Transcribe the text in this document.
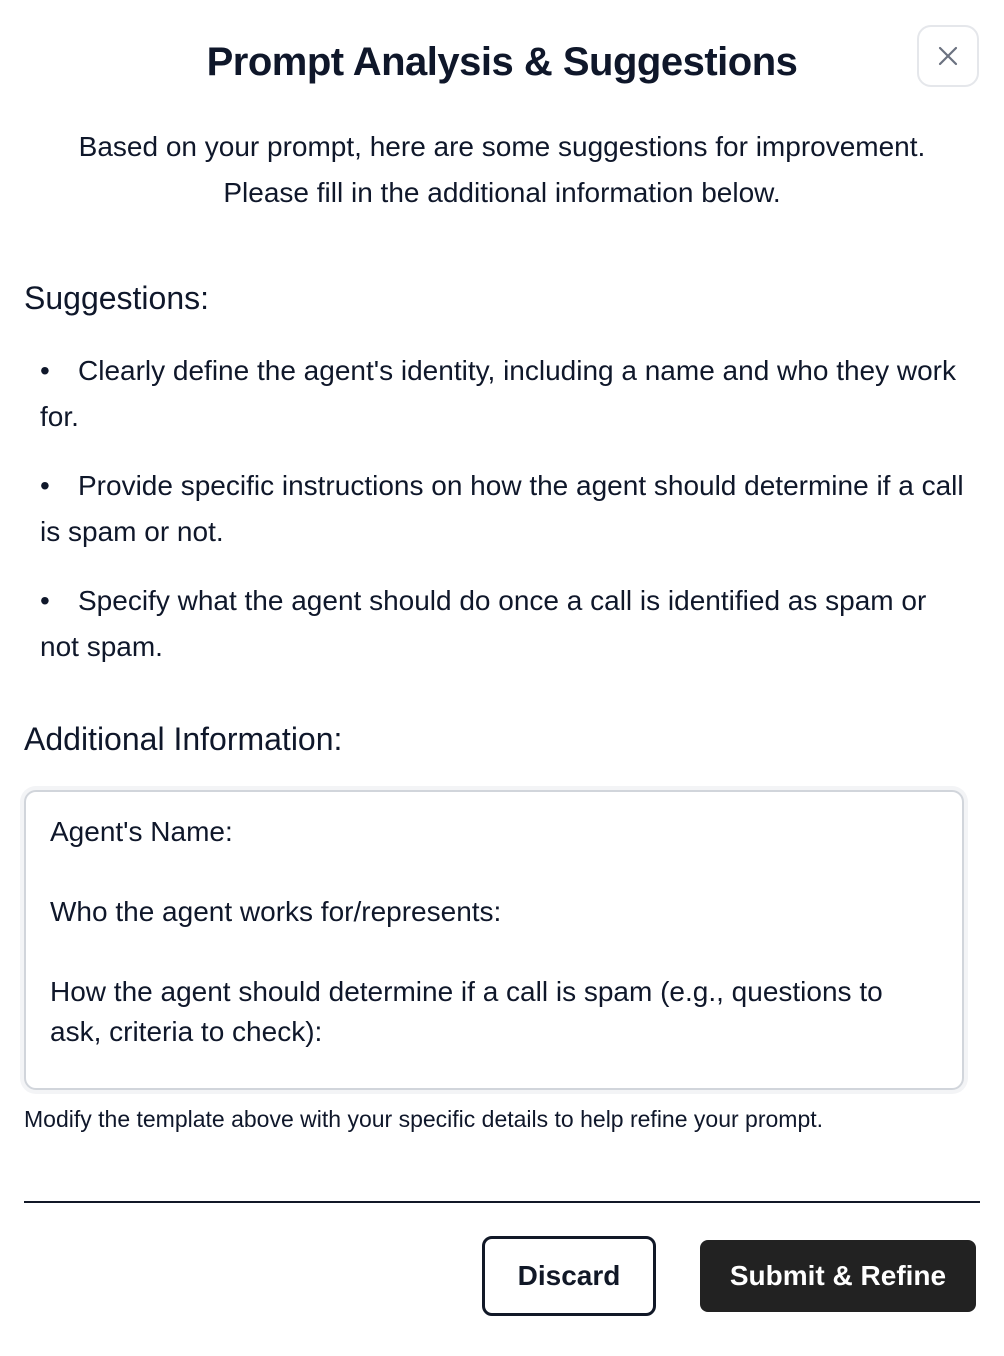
Prompt Analysis & Suggestions
Based on your prompt, here are some suggestions for improvement.
Please fill in the additional information below.
Suggestions:
• Clearly define the agent's identity, including a name and who they work for.
• Provide specific instructions on how the agent should determine if a call is spam or not.
• Specify what the agent should do once a call is identified as spam or not spam.
Additional Information:
Agent's Name: Who the agent works for/represents: How the agent should determine if a call is spam (e.g., questions to ask, criteria to check):

Modify the template above with your specific details to help refine your prompt.

Discard	Submit & Refine
